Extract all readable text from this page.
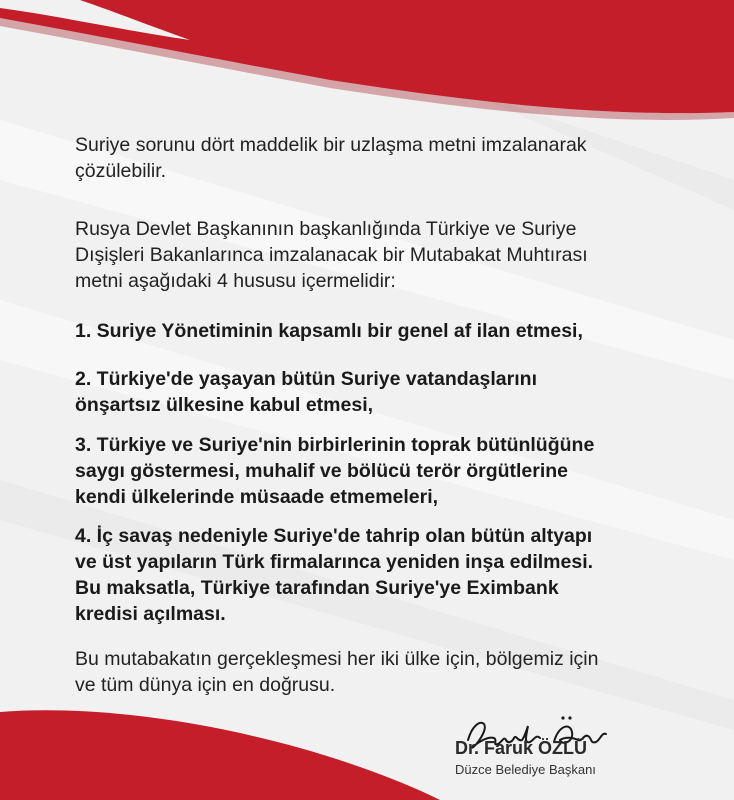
Suriye sorunu dört maddelik bir uzlaşma metni imzalanarak
çözülebilir.
Rusya Devlet Başkanının başkanlığında Türkiye ve Suriye
Dışişleri Bakanlarınca imzalanacak bir Mutabakat Muhtırası
metni aşağıdaki 4 hususu içermelidir:
1. Suriye Yönetiminin kapsamlı bir genel af ilan etmesi,
2. Türkiye'de yaşayan bütün Suriye vatandaşlarını
önşartsız ülkesine kabul etmesi,
3. Türkiye ve Suriye'nin birbirlerinin toprak bütünlüğüne
saygı göstermesi, muhalif ve bölücü terör örgütlerine
kendi ülkelerinde müsaade etmemeleri,
4. İç savaş nedeniyle Suriye'de tahrip olan bütün altyapı
ve üst yapıların Türk firmalarınca yeniden inşa edilmesi.
Bu maksatla, Türkiye tarafından Suriye'ye Eximbank
kredisi açılması.
Bu mutabakatın gerçekleşmesi her iki ülke için, bölgemiz için
ve tüm dünya için en doğrusu.
Dr. Faruk ÖZLÜ
Düzce Belediye Başkanı
